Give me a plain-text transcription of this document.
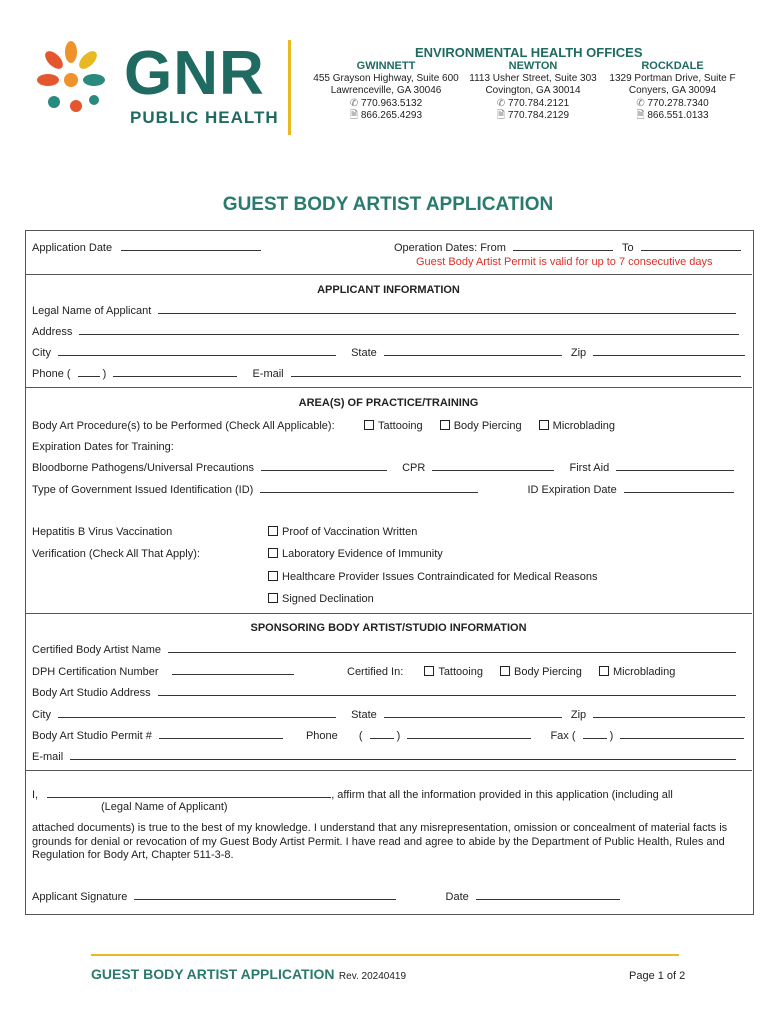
GNR
PUBLIC HEALTH
ENVIRONMENTAL HEALTH OFFICES
GWINNETT
455 Grayson Highway, Suite 600
Lawrenceville, GA 30046
✆ 770.963.5132
🗎 866.265.4293
NEWTON
1113 Usher Street, Suite 303
Covington, GA 30014
✆ 770.784.2121
🗎 770.784.2129
ROCKDALE
1329 Portman Drive, Suite F
Conyers, GA 30094
✆ 770.278.7340
🗎 866.551.0133
GUEST BODY ARTIST APPLICATION
Application Date	Operation Dates: From	To
Guest Body Artist Permit is valid for up to 7 consecutive days
APPLICANT INFORMATION
Legal Name of Applicant
Address
City	State	Zip
Phone (	)	E-mail
AREA(S) OF PRACTICE/TRAINING
Body Art Procedure(s) to be Performed (Check All Applicable):	Tattooing	Body Piercing	Microblading
Expiration Dates for Training:
Bloodborne Pathogens/Universal Precautions	CPR	First Aid
Type of Government Issued Identification (ID)	ID Expiration Date
Hepatitis B Virus Vaccination
Verification (Check All That Apply):
Proof of Vaccination Written
Laboratory Evidence of Immunity
Healthcare Provider Issues Contraindicated for Medical Reasons
Signed Declination
SPONSORING BODY ARTIST/STUDIO INFORMATION
Certified Body Artist Name
DPH Certification Number	Certified In:	Tattooing	Body Piercing	Microblading
Body Art Studio Address
City	State	Zip
Body Art Studio Permit #	Phone (	)	Fax (	)
E-mail
I,	, affirm that all the information provided in this application (including all
(Legal Name of Applicant)
attached documents) is true to the best of my knowledge. I understand that any misrepresentation, omission or concealment of material facts is grounds for denial or revocation of my Guest Body Artist Permit. I have read and agree to abide by the Department of Public Health, Rules and Regulation for Body Art, Chapter 511-3-8.
Applicant Signature	Date
GUEST BODY ARTIST APPLICATION Rev. 20240419	Page 1 of 2
